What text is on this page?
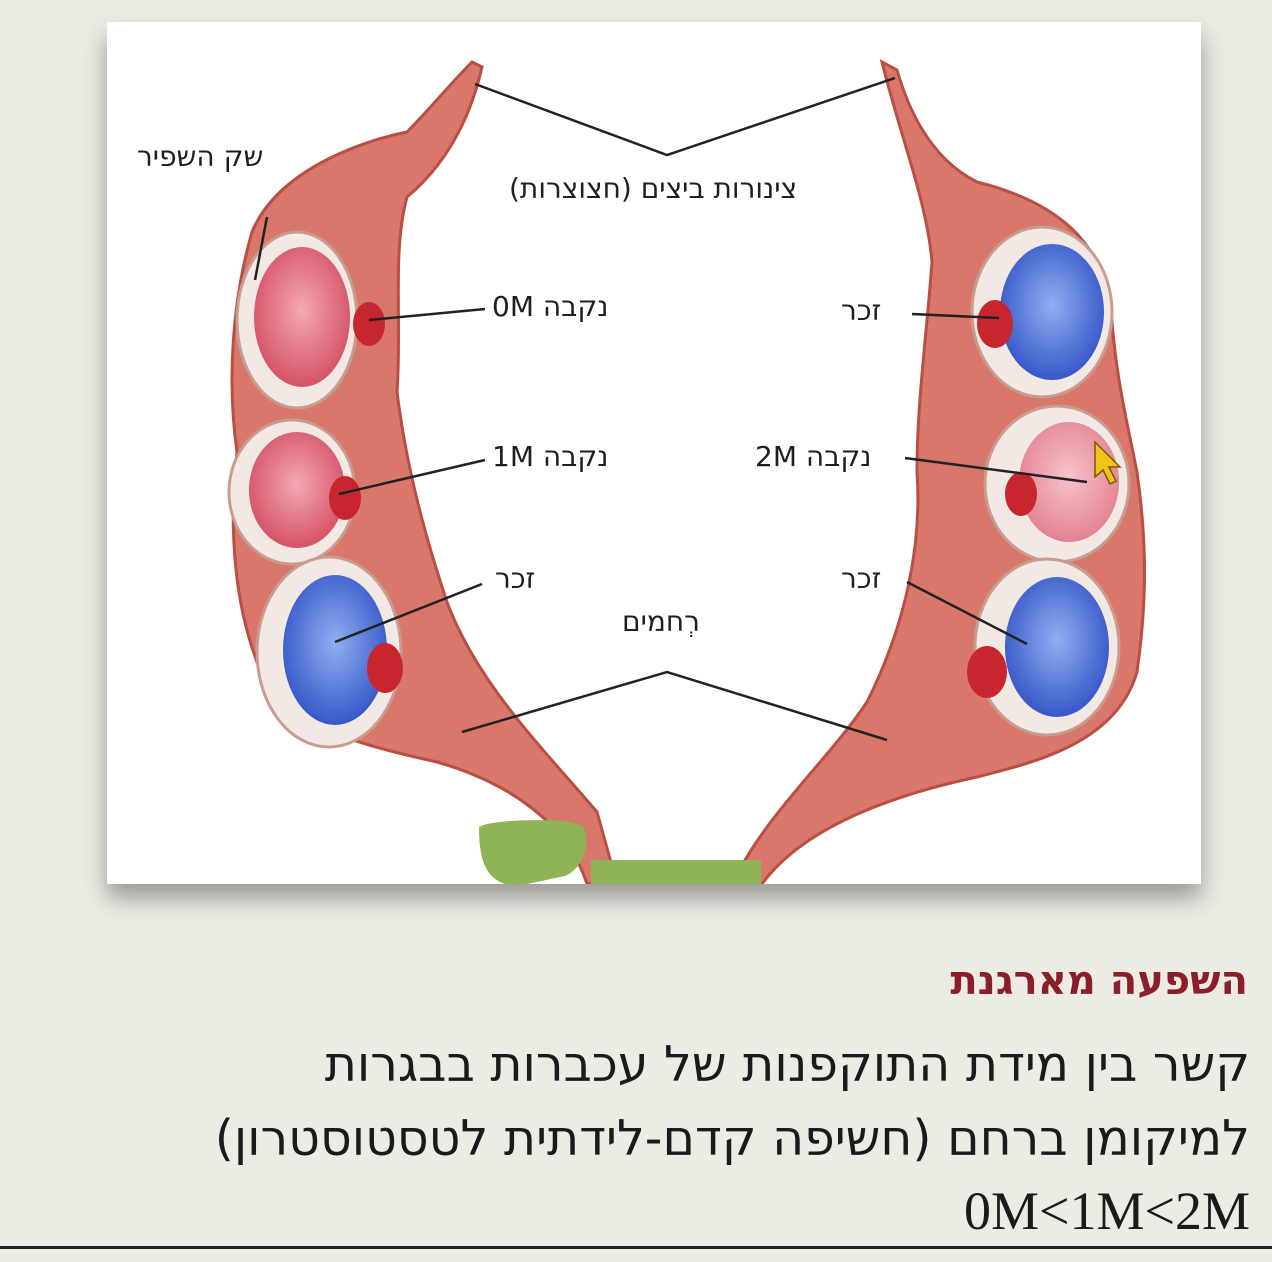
שק השפיר
צינורות ביצים (חצוצרות)
נקבה 0M
נקבה 1M
זכר
רְחמים
זכר
נקבה 2M
זכר
השפעה מארגנת
קשר בין מידת התוקפנות של עכברות בבגרות
למיקומן ברחם (חשיפה קדם-לידתית לטסטוסטרון)
0M<1M<2M
